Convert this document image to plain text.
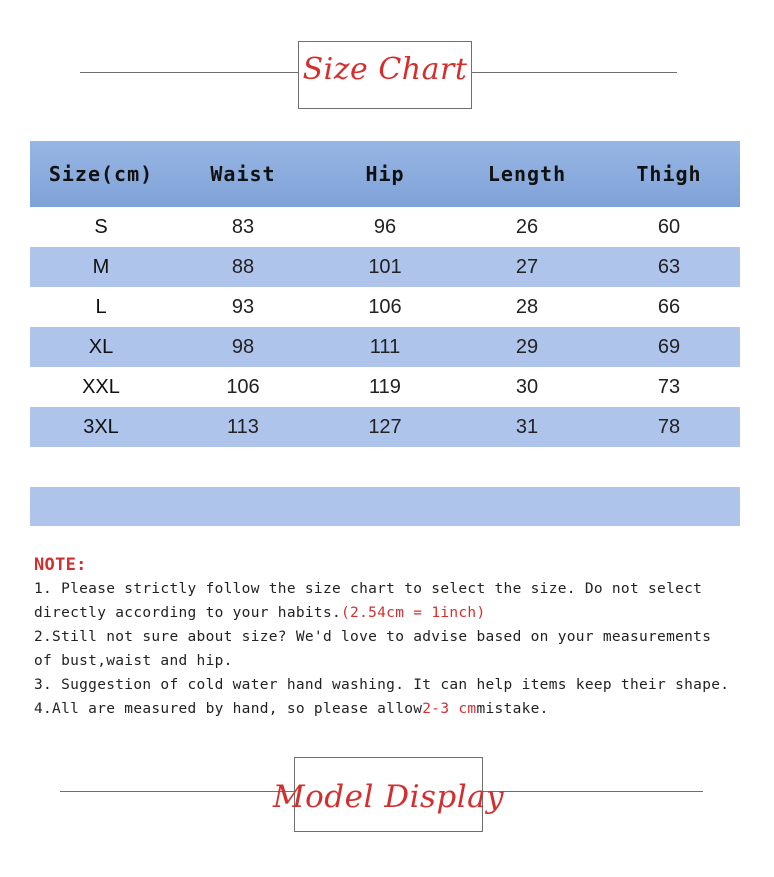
Size Chart
Size(cm)	Waist	Hip	Length	Thigh
S	83	96	26	60
M	88	101	27	63
L	93	106	28	66
XL	98	111	29	69
XXL	106	119	30	73
3XL	113	127	31	78
NOTE:
1. Please strictly follow the size chart to select the size. Do not select directly according to your habits.(2.54cm = 1inch)
2.Still not sure about size? We'd love to advise based on your measurements of bust,waist and hip.
3. Suggestion of cold water hand washing. It can help items keep their shape.
4.All are measured by hand, so please allow2-3 cmmistake.
Model Display
